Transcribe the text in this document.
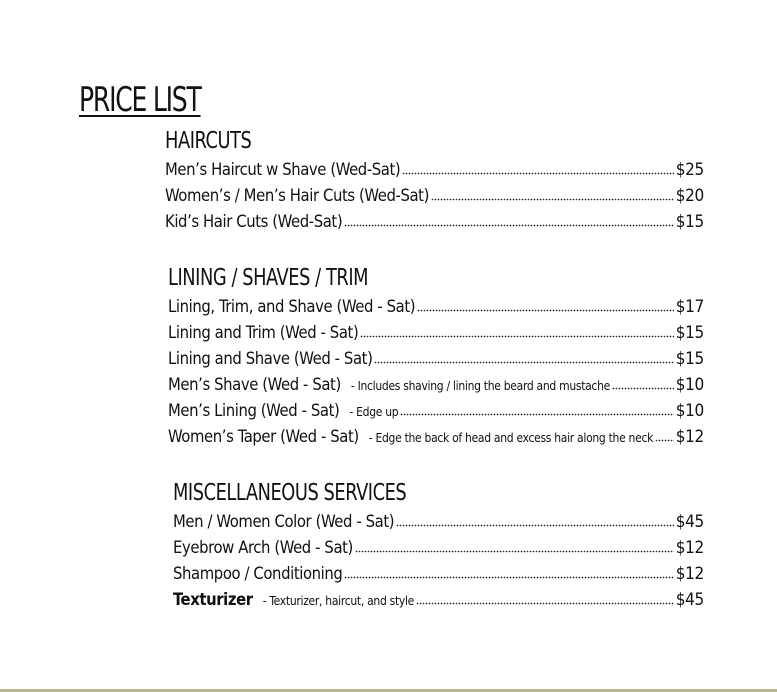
PRICE LIST
HAIRCUTS
Men’s Haircut w Shave (Wed-Sat)	$25
Women’s / Men’s Hair Cuts (Wed-Sat)	$20
Kid’s Hair Cuts (Wed-Sat)	$15
LINING / SHAVES / TRIM
Lining, Trim, and Shave (Wed - Sat)	$17
Lining and Trim (Wed - Sat)	$15
Lining and Shave (Wed - Sat)	$15
Men’s Shave (Wed - Sat) - Includes shaving / lining the beard and mustache	$10
Men’s Lining (Wed - Sat) - Edge up	$10
Women’s Taper (Wed - Sat) - Edge the back of head and excess hair along the neck $12
MISCELLANEOUS SERVICES
Men / Women Color (Wed - Sat)	$45
Eyebrow Arch (Wed - Sat)	$12
Shampoo / Conditioning	$12
Texturizer - Texturizer, haircut, and style	$45
